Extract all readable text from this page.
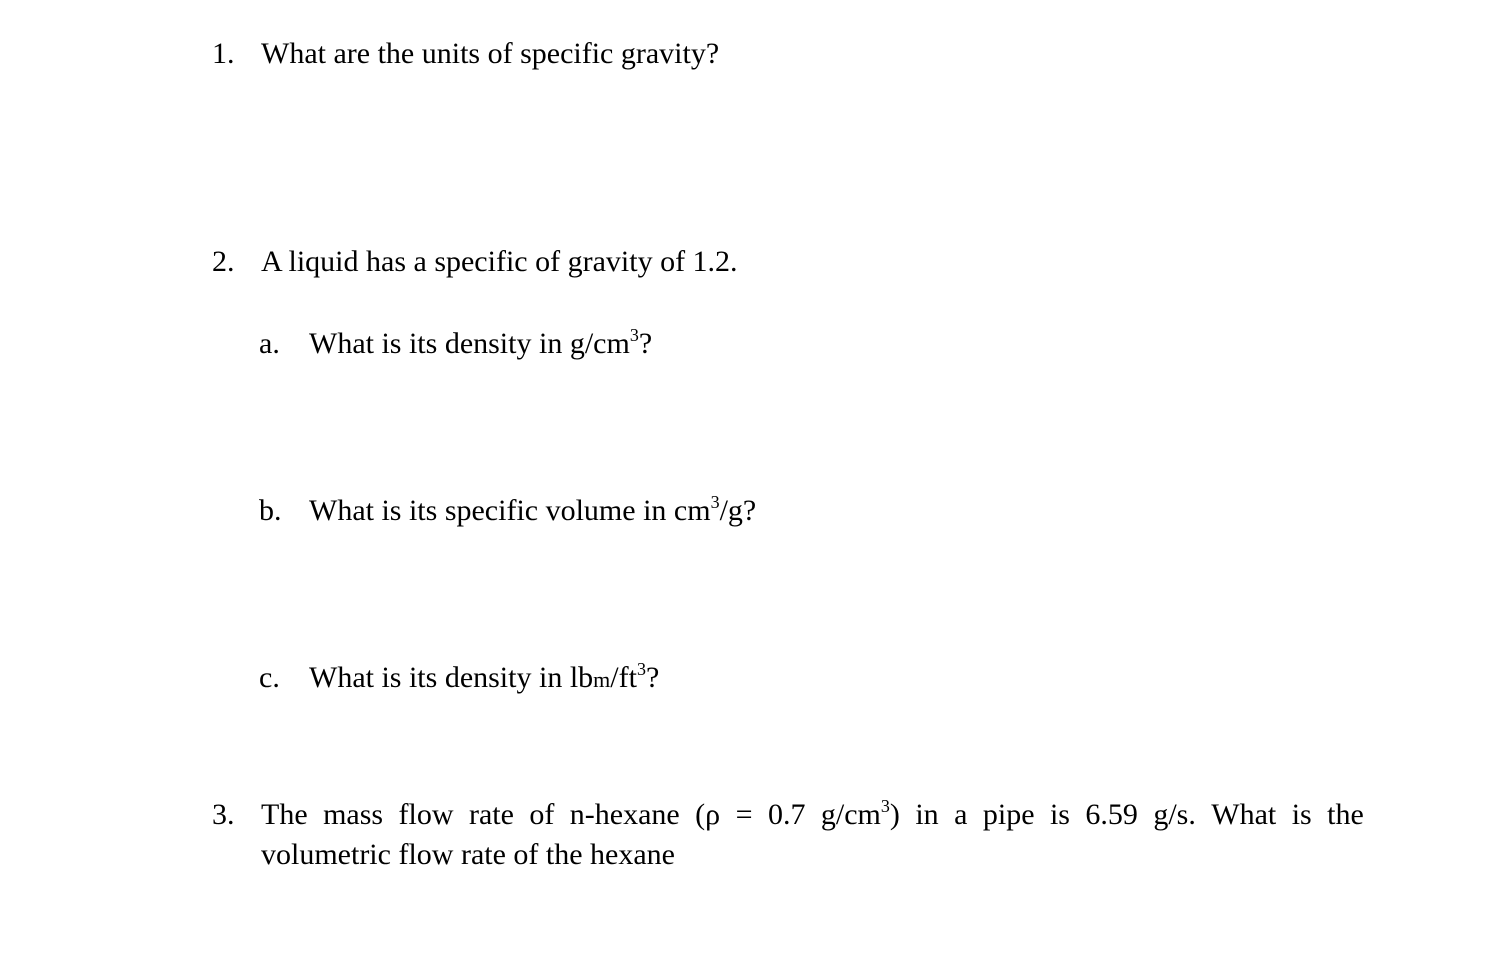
1. What are the units of specific gravity?
2. A liquid has a specific of gravity of 1.2.
a. What is its density in $g/cm^3$?
b. What is its specific volume in $cm^3/g$?
c. What is its density in lbm/$ft^3$?
3. The mass flow rate of n-hexane (ρ = 0.7 $g/cm^3$) in a pipe is 6.59 g/s. What is the
volumetric flow rate of the hexane
